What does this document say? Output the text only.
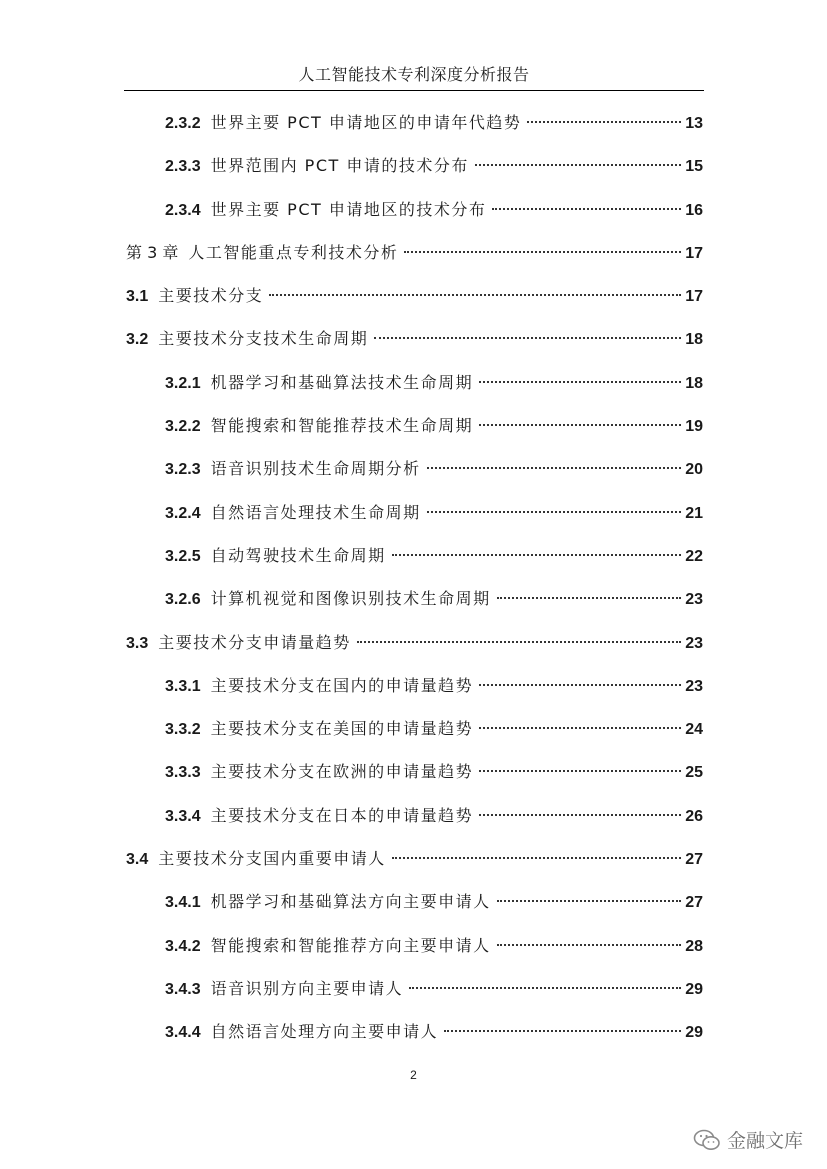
人工智能技术专利深度分析报告
2.3.2 世界主要 PCT 申请地区的申请年代趋势	13
2.3.3 世界范围内 PCT 申请的技术分布	15
2.3.4 世界主要 PCT 申请地区的技术分布	16
第 3 章 人工智能重点专利技术分析	17
3.1 主要技术分支	17
3.2 主要技术分支技术生命周期	18
3.2.1 机器学习和基础算法技术生命周期	18
3.2.2 智能搜索和智能推荐技术生命周期	19
3.2.3 语音识别技术生命周期分析	20
3.2.4 自然语言处理技术生命周期	21
3.2.5 自动驾驶技术生命周期	22
3.2.6 计算机视觉和图像识别技术生命周期	23
3.3 主要技术分支申请量趋势	23
3.3.1 主要技术分支在国内的申请量趋势	23
3.3.2 主要技术分支在美国的申请量趋势	24
3.3.3 主要技术分支在欧洲的申请量趋势	25
3.3.4 主要技术分支在日本的申请量趋势	26
3.4 主要技术分支国内重要申请人	27
3.4.1 机器学习和基础算法方向主要申请人	27
3.4.2 智能搜索和智能推荐方向主要申请人	28
3.4.3 语音识别方向主要申请人	29
3.4.4 自然语言处理方向主要申请人	29
2
金融文库
